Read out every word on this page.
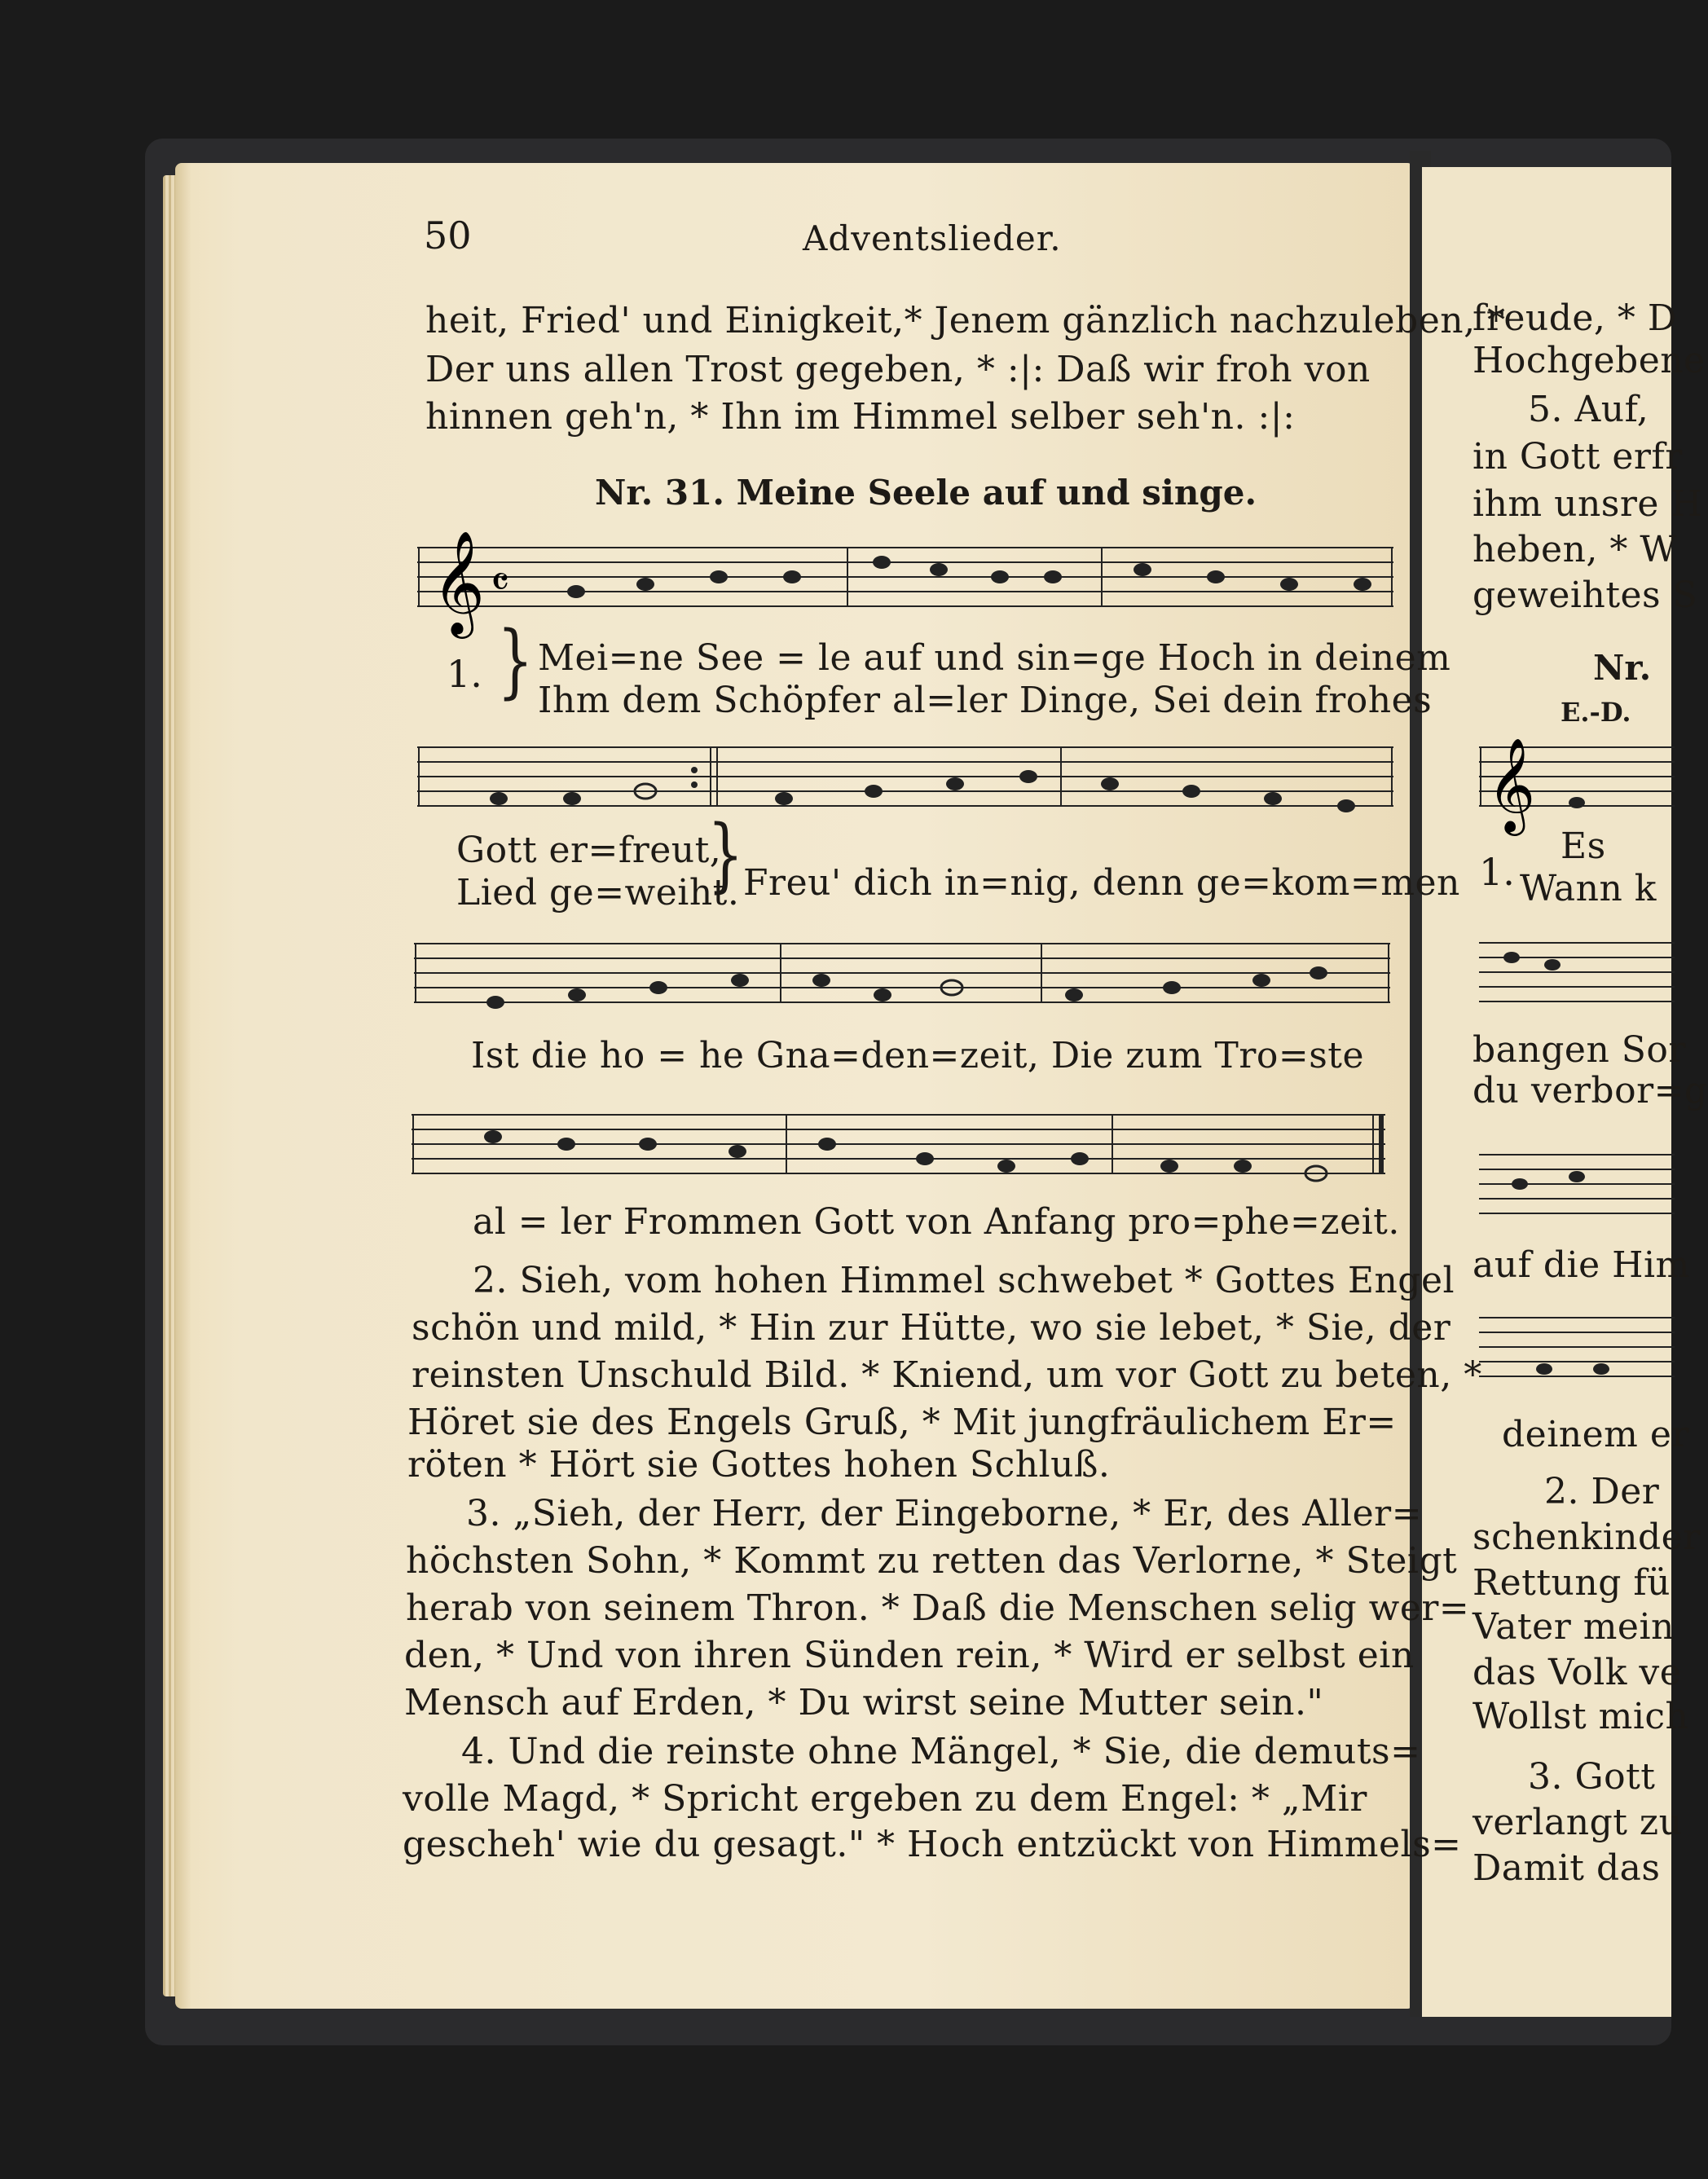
50	Adventslieder.
heit, Fried' und Einigkeit,* Jenem gänzlich nachzuleben, *
Der uns allen Trost gegeben, * :|: Daß wir froh von
hinnen geh'n, * Ihn im Himmel selber seh'n. :|:
Nr. 31. Meine Seele auf und singe.
𝄞 𝄴
1. } Mei=ne See = le auf und sin=ge Hoch in deinem
Ihm dem Schöpfer al=ler Dinge, Sei dein frohes
Gott er=freut,
Lied ge=weiht.
} Freu' dich in=nig, denn ge=kom=men
Ist die ho = he Gna=den=zeit, Die zum Tro=ste
al = ler Frommen Gott von Anfang pro=phe=zeit.
2. Sieh, vom hohen Himmel schwebet * Gottes Engel
schön und mild, * Hin zur Hütte, wo sie lebet, * Sie, der
reinsten Unschuld Bild. * Kniend, um vor Gott zu beten, *
Höret sie des Engels Gruß, * Mit jungfräulichem Er=
röten * Hört sie Gottes hohen Schluß.
3. „Sieh, der Herr, der Eingeborne, * Er, des Aller=
höchsten Sohn, * Kommt zu retten das Verlorne, * Steigt
herab von seinem Thron. * Daß die Menschen selig wer=
den, * Und von ihren Sünden rein, * Wird er selbst ein
Mensch auf Erden, * Du wirst seine Mutter sein."
4. Und die reinste ohne Mängel, * Sie, die demuts=
volle Magd, * Spricht ergeben zu dem Engel: * „Mir
gescheh' wie du gesagt." * Hoch entzückt von Himmels=
freude, * D
Hochgebene
5. Auf,
in Gott erfr
ihm unsre H
heben, * W
geweihtes S
Nr.
E.-D.
𝄞
Es
1. Wann k
bangen Sor
du verbor=g
auf die Him
deinem er
2. Der
schenkinder
Rettung fü
Vater mein
das Volk ve
Wollst mich
3. Gott
verlangt zu
Damit das
